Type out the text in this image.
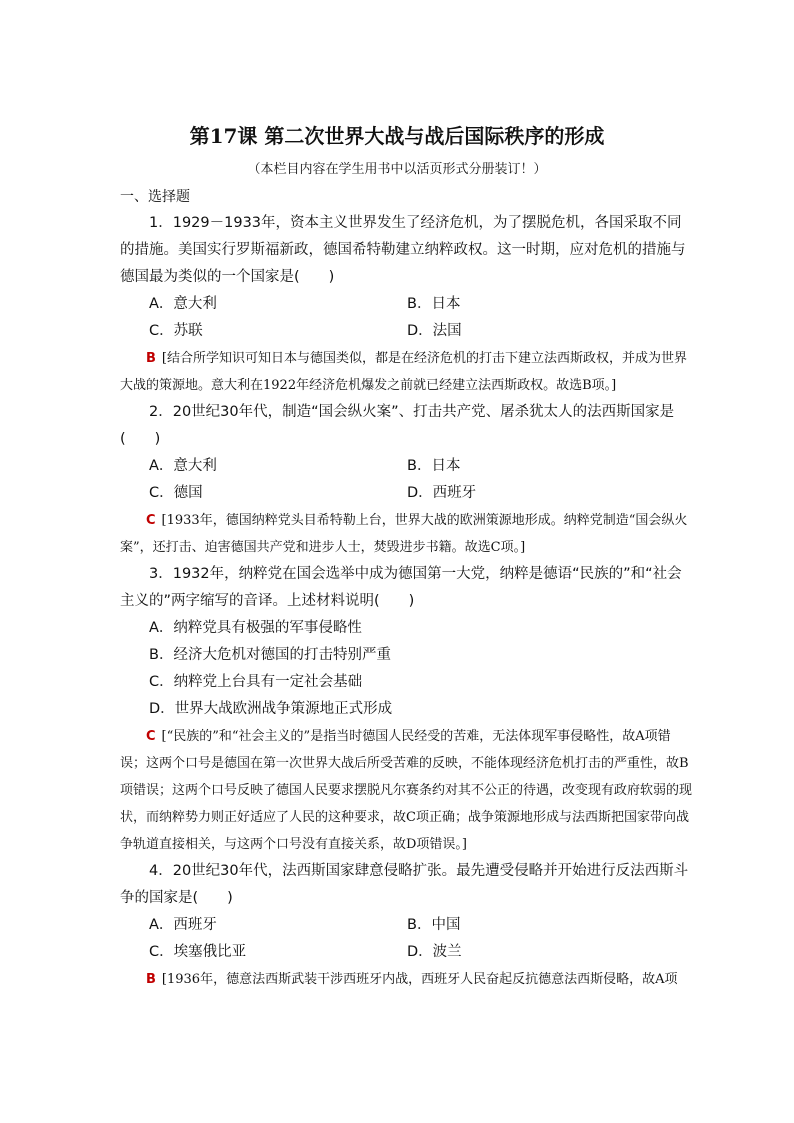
第17课 第二次世界大战与战后国际秩序的形成
（本栏目内容在学生用书中以活页形式分册装订！）
一、选择题

1．1929－1933年，资本主义世界发生了经济危机，为了摆脱危机，各国采取不同的措施。美国实行罗斯福新政，德国希特勒建立纳粹政权。这一时期，应对危机的措施与德国最为类似的一个国家是(　　)

A．意大利	B．日本
C．苏联	D．法国

B [结合所学知识可知日本与德国类似，都是在经济危机的打击下建立法西斯政权，并成为世界大战的策源地。意大利在1922年经济危机爆发之前就已经建立法西斯政权。故选B项。]

2．20世纪30年代，制造“国会纵火案”、打击共产党、屠杀犹太人的法西斯国家是(　　)

A．意大利	B．日本
C．德国	D．西班牙

C [1933年，德国纳粹党头目希特勒上台，世界大战的欧洲策源地形成。纳粹党制造“国会纵火案”，还打击、迫害德国共产党和进步人士，焚毁进步书籍。故选C项。]

3．1932年，纳粹党在国会选举中成为德国第一大党，纳粹是德语“民族的”和“社会主义的”两字缩写的音译。上述材料说明(　　)

A．纳粹党具有极强的军事侵略性
B．经济大危机对德国的打击特别严重
C．纳粹党上台具有一定社会基础
D．世界大战欧洲战争策源地正式形成

C [“民族的”和“社会主义的”是指当时德国人民经受的苦难，无法体现军事侵略性，故A项错误；这两个口号是德国在第一次世界大战后所受苦难的反映，不能体现经济危机打击的严重性，故B项错误；这两个口号反映了德国人民要求摆脱凡尔赛条约对其不公正的待遇，改变现有政府软弱的现状，而纳粹势力则正好适应了人民的这种要求，故C项正确；战争策源地形成与法西斯把国家带向战争轨道直接相关，与这两个口号没有直接关系，故D项错误。]

4．20世纪30年代，法西斯国家肆意侵略扩张。最先遭受侵略并开始进行反法西斯斗争的国家是(　　)

A．西班牙	B．中国
C．埃塞俄比亚	D．波兰

B [1936年，德意法西斯武装干涉西班牙内战，西班牙人民奋起反抗德意法西斯侵略，故A项
